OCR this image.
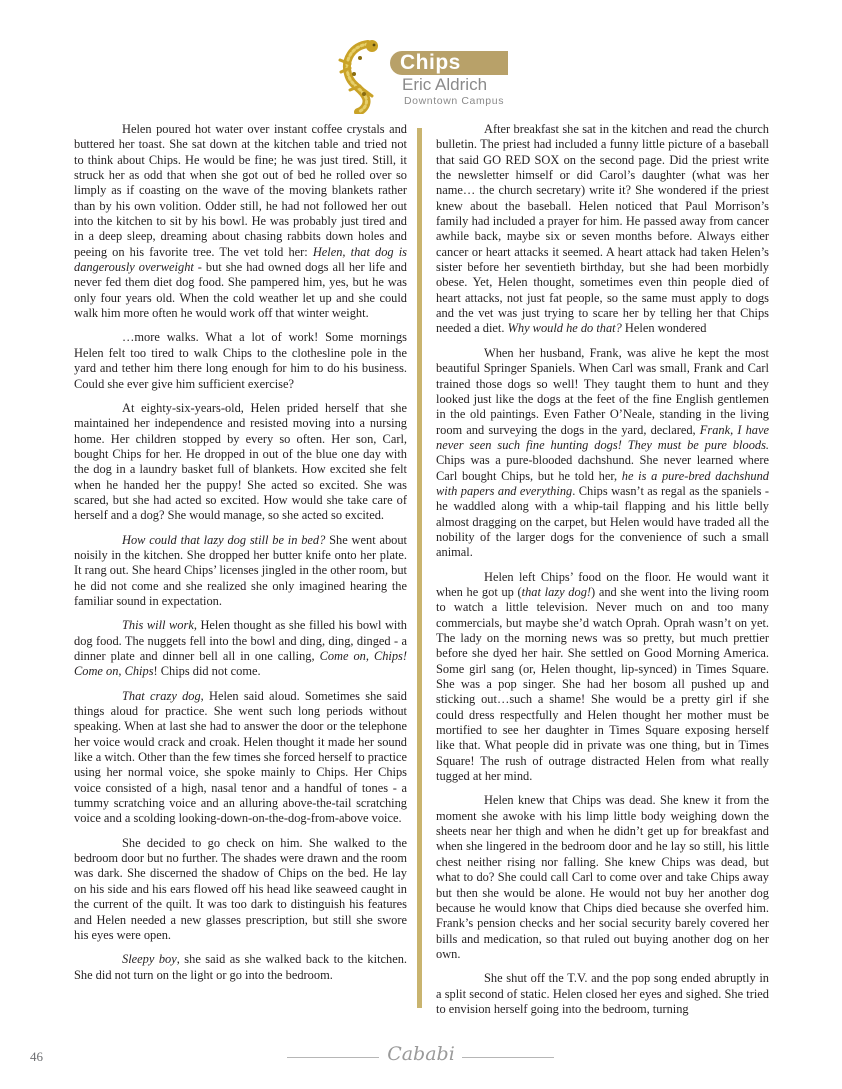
Chips
Eric Aldrich
Downtown Campus

Helen poured hot water over instant coffee crystals and buttered her toast. She sat down at the kitchen table and tried not to think about Chips. He would be fine; he was just tired. Still, it struck her as odd that when she got out of bed he rolled over so limply as if coasting on the wave of the moving blankets rather than by his own volition. Odder still, he had not followed her out into the kitchen to sit by his bowl. He was probably just tired and in a deep sleep, dreaming about chasing rabbits down holes and peeing on his favorite tree. The vet told her: Helen, that dog is dangerously overweight - but she had owned dogs all her life and never fed them diet dog food. She pampered him, yes, but he was only four years old. When the cold weather let up and she could walk him more often he would work off that winter weight.

…more walks. What a lot of work! Some mornings Helen felt too tired to walk Chips to the clothesline pole in the yard and tether him there long enough for him to do his business. Could she ever give him sufficient exercise?

At eighty-six-years-old, Helen prided herself that she maintained her independence and resisted moving into a nursing home. Her children stopped by every so often. Her son, Carl, bought Chips for her. He dropped in out of the blue one day with the dog in a laundry basket full of blankets. How excited she felt when he handed her the puppy! She acted so excited. She was scared, but she had acted so excited. How would she take care of herself and a dog? She would manage, so she acted so excited.

How could that lazy dog still be in bed? She went about noisily in the kitchen. She dropped her butter knife onto her plate. It rang out. She heard Chips’ licenses jingled in the other room, but he did not come and she realized she only imagined hearing the familiar sound in expectation.

This will work, Helen thought as she filled his bowl with dog food. The nuggets fell into the bowl and ding, ding, dinged - a dinner plate and dinner bell all in one calling, Come on, Chips! Come on, Chips! Chips did not come.

That crazy dog, Helen said aloud. Sometimes she said things aloud for practice. She went such long periods without speaking. When at last she had to answer the door or the telephone her voice would crack and croak. Helen thought it made her sound like a witch. Other than the few times she forced herself to practice using her normal voice, she spoke mainly to Chips. Her Chips voice consisted of a high, nasal tenor and a handful of tones - a tummy scratching voice and an alluring above-the-tail scratching voice and a scolding looking-down-on-the-dog-from-above voice.

She decided to go check on him. She walked to the bedroom door but no further. The shades were drawn and the room was dark. She discerned the shadow of Chips on the bed. He lay on his side and his ears flowed off his head like seaweed caught in the current of the quilt. It was too dark to distinguish his features and Helen needed a new glasses prescription, but still she swore his eyes were open.

Sleepy boy, she said as she walked back to the kitchen. She did not turn on the light or go into the bedroom.

After breakfast she sat in the kitchen and read the church bulletin. The priest had included a funny little picture of a baseball that said GO RED SOX on the second page. Did the priest write the newsletter himself or did Carol’s daughter (what was her name… the church secretary) write it? She wondered if the priest knew about the baseball. Helen noticed that Paul Morrison’s family had included a prayer for him. He passed away from cancer awhile back, maybe six or seven months before. Always either cancer or heart attacks it seemed. A heart attack had taken Helen’s sister before her seventieth birthday, but she had been morbidly obese. Yet, Helen thought, sometimes even thin people died of heart attacks, not just fat people, so the same must apply to dogs and the vet was just trying to scare her by telling her that Chips needed a diet. Why would he do that? Helen wondered

When her husband, Frank, was alive he kept the most beautiful Springer Spaniels. When Carl was small, Frank and Carl trained those dogs so well! They taught them to hunt and they looked just like the dogs at the feet of the fine English gentlemen in the old paintings. Even Father O’Neale, standing in the living room and surveying the dogs in the yard, declared, Frank, I have never seen such fine hunting dogs! They must be pure bloods. Chips was a pure-blooded dachshund. She never learned where Carl bought Chips, but he told her, he is a pure-bred dachshund with papers and everything. Chips wasn’t as regal as the spaniels - he waddled along with a whip-tail flapping and his little belly almost dragging on the carpet, but Helen would have traded all the nobility of the larger dogs for the convenience of such a small animal.

Helen left Chips’ food on the floor. He would want it when he got up (that lazy dog!) and she went into the living room to watch a little television. Never much on and too many commercials, but maybe she’d watch Oprah. Oprah wasn’t on yet. The lady on the morning news was so pretty, but much prettier before she dyed her hair. She settled on Good Morning America. Some girl sang (or, Helen thought, lip-synced) in Times Square. She was a pop singer. She had her bosom all pushed up and sticking out…such a shame! She would be a pretty girl if she could dress respectfully and Helen thought her mother must be mortified to see her daughter in Times Square exposing herself like that. What people did in private was one thing, but in Times Square! The rush of outrage distracted Helen from what really tugged at her mind.

Helen knew that Chips was dead. She knew it from the moment she awoke with his limp little body weighing down the sheets near her thigh and when he didn’t get up for breakfast and when she lingered in the bedroom door and he lay so still, his little chest neither rising nor falling. She knew Chips was dead, but what to do? She could call Carl to come over and take Chips away but then she would be alone. He would not buy her another dog because he would know that Chips died because she overfed him. Frank’s pension checks and her social security barely covered her bills and medication, so that ruled out buying another dog on her own.

She shut off the T.V. and the pop song ended abruptly in a split second of static. Helen closed her eyes and sighed. She tried to envision herself going into the bedroom, turning

46	Cababi
